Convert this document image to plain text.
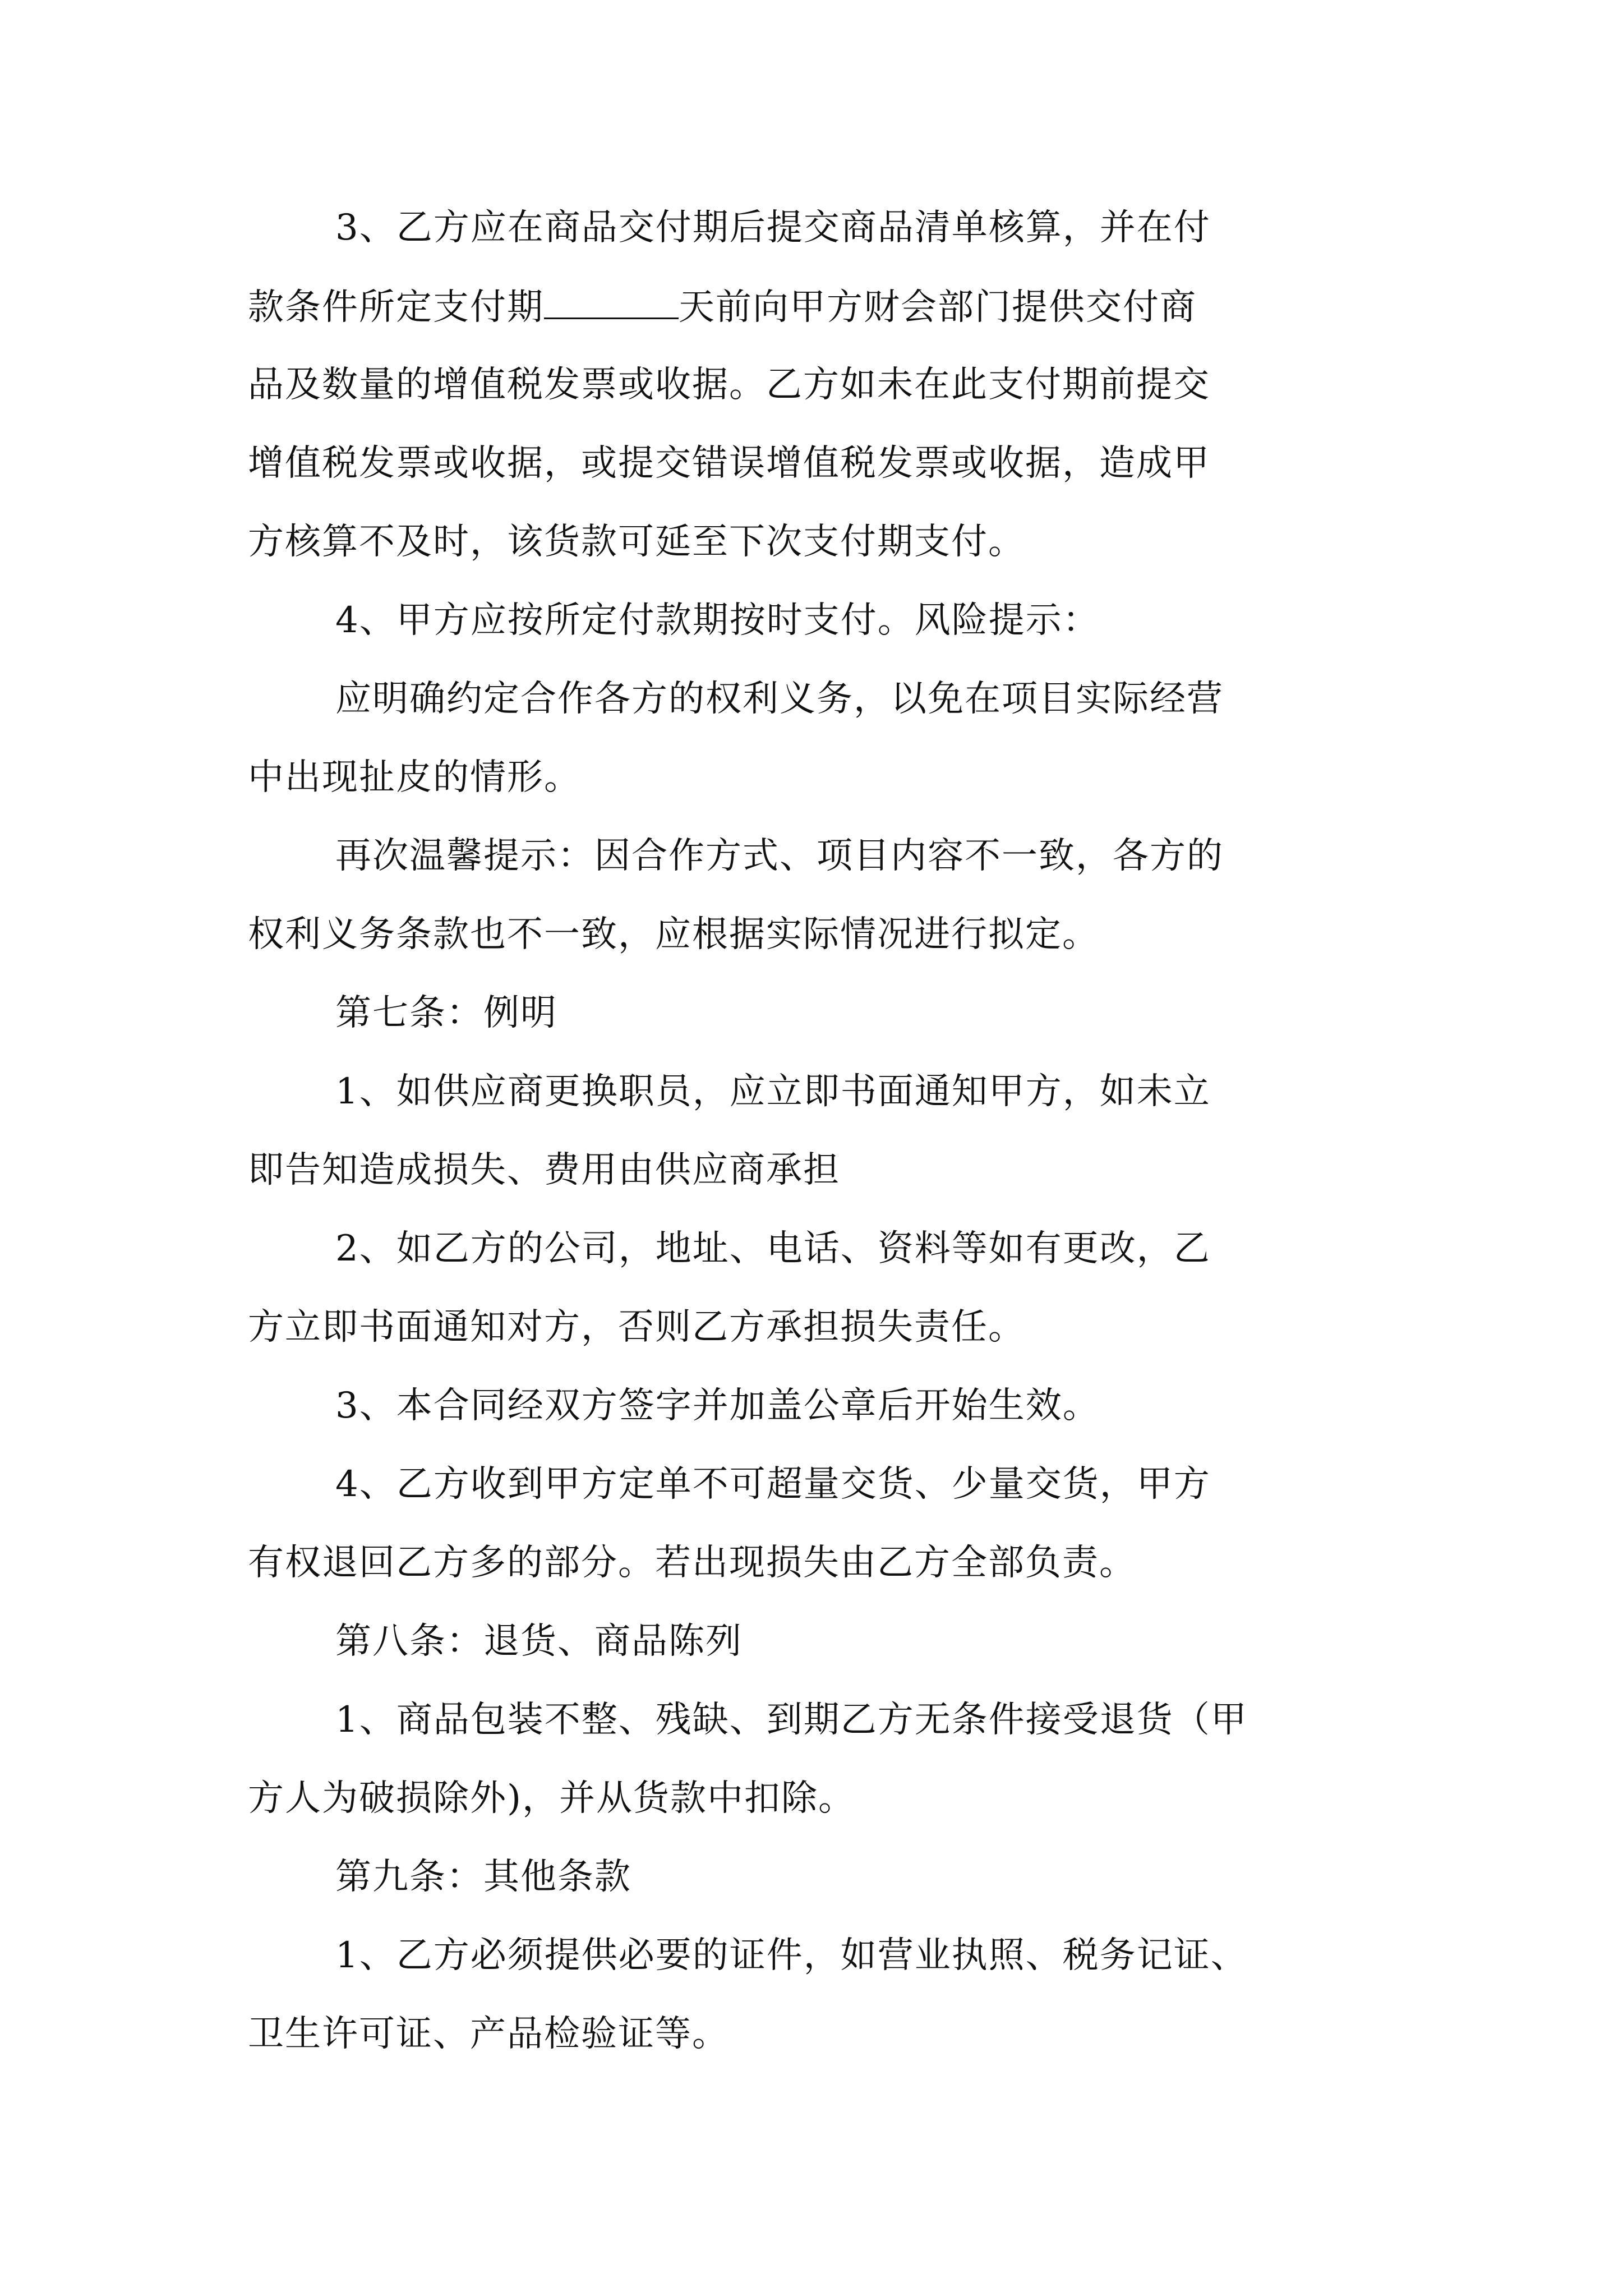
3、乙方应在商品交付期后提交商品清单核算，并在付
款条件所定支付期	天前向甲方财会部门提供交付商
品及数量的增值税发票或收据。乙方如未在此支付期前提交
增值税发票或收据，或提交错误增值税发票或收据，造成甲
方核算不及时，该货款可延至下次支付期支付。
4、甲方应按所定付款期按时支付。风险提示：
应明确约定合作各方的权利义务，以免在项目实际经营
中出现扯皮的情形。
再次温馨提示：因合作方式、项目内容不一致，各方的
权利义务条款也不一致，应根据实际情况进行拟定。
第七条：例明
1、如供应商更换职员，应立即书面通知甲方，如未立
即告知造成损失、费用由供应商承担
2、如乙方的公司，地址、电话、资料等如有更改，乙
方立即书面通知对方，否则乙方承担损失责任。
3、本合同经双方签字并加盖公章后开始生效。
4、乙方收到甲方定单不可超量交货、少量交货，甲方
有权退回乙方多的部分。若出现损失由乙方全部负责。
第八条：退货、商品陈列
1、商品包装不整、残缺、到期乙方无条件接受退货（甲
方人为破损除外)，并从货款中扣除。
第九条：其他条款
1、乙方必须提供必要的证件，如营业执照、税务记证、
卫生许可证、产品检验证等。
